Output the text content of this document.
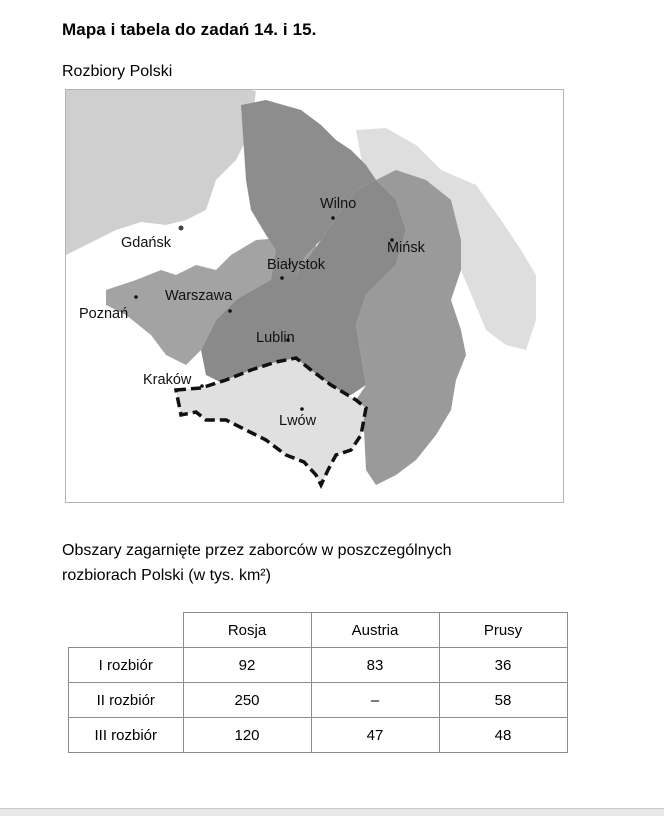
Mapa i tabela do zadań 14. i 15.
Rozbiory Polski
Wilno
Gdańsk	Mińsk
Białystok
Warszawa
Poznań
Lublin
Kraków
Lwów
Obszary zagarnięte przez zaborców w poszczególnych
rozbiorach Polski (w tys. km²)
	Rosja	Austria	Prusy
I rozbiór	92	83	36
II rozbiór	250	–	58
III rozbiór	120	47	48
